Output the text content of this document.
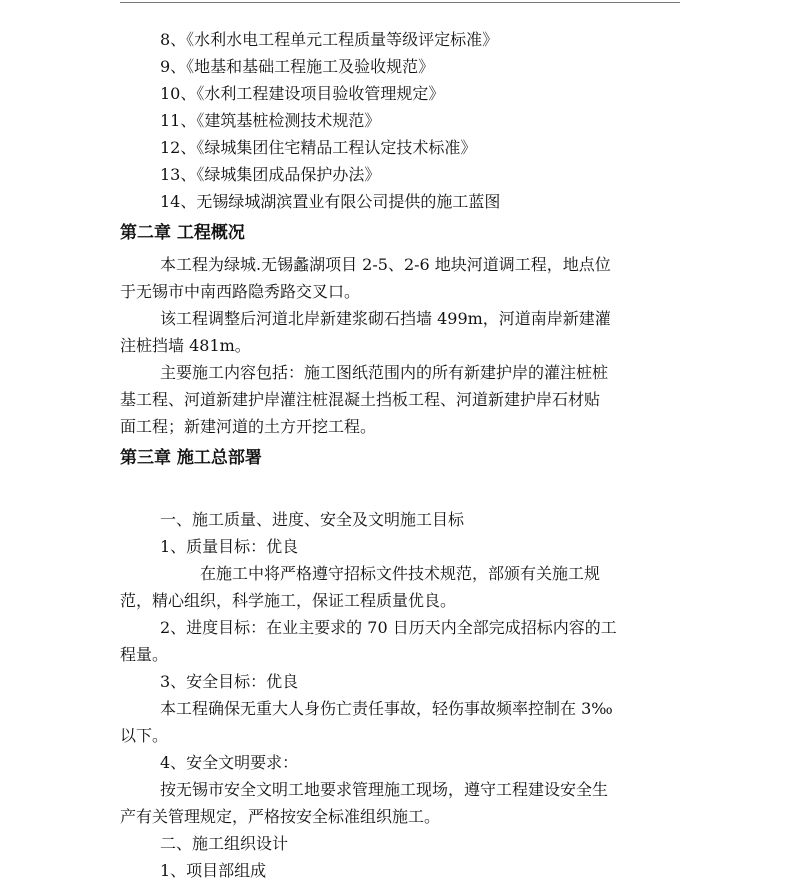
8、《水利水电工程单元工程质量等级评定标准》
9、《地基和基础工程施工及验收规范》
10、《水利工程建设项目验收管理规定》
11、《建筑基桩检测技术规范》
12、《绿城集团住宅精品工程认定技术标准》
13、《绿城集团成品保护办法》
14、无锡绿城湖滨置业有限公司提供的施工蓝图
第二章 工程概况
本工程为绿城.无锡蠡湖项目 2-5、2-6 地块河道调工程，地点位
于无锡市中南西路隐秀路交叉口。
该工程调整后河道北岸新建浆砌石挡墙 499m，河道南岸新建灌
注桩挡墙 481m。
主要施工内容包括：施工图纸范围内的所有新建护岸的灌注桩桩
基工程、河道新建护岸灌注桩混凝土挡板工程、河道新建护岸石材贴
面工程；新建河道的土方开挖工程。
第三章 施工总部署
一、施工质量、进度、安全及文明施工目标
1、质量目标：优良
在施工中将严格遵守招标文件技术规范，部颁有关施工规
范，精心组织，科学施工，保证工程质量优良。
2、进度目标：在业主要求的 70 日历天内全部完成招标内容的工
程量。
3、安全目标：优良
本工程确保无重大人身伤亡责任事故，轻伤事故频率控制在 3‰
以下。
4、安全文明要求：
按无锡市安全文明工地要求管理施工现场，遵守工程建设安全生
产有关管理规定，严格按安全标准组织施工。
二、施工组织设计
1、项目部组成
